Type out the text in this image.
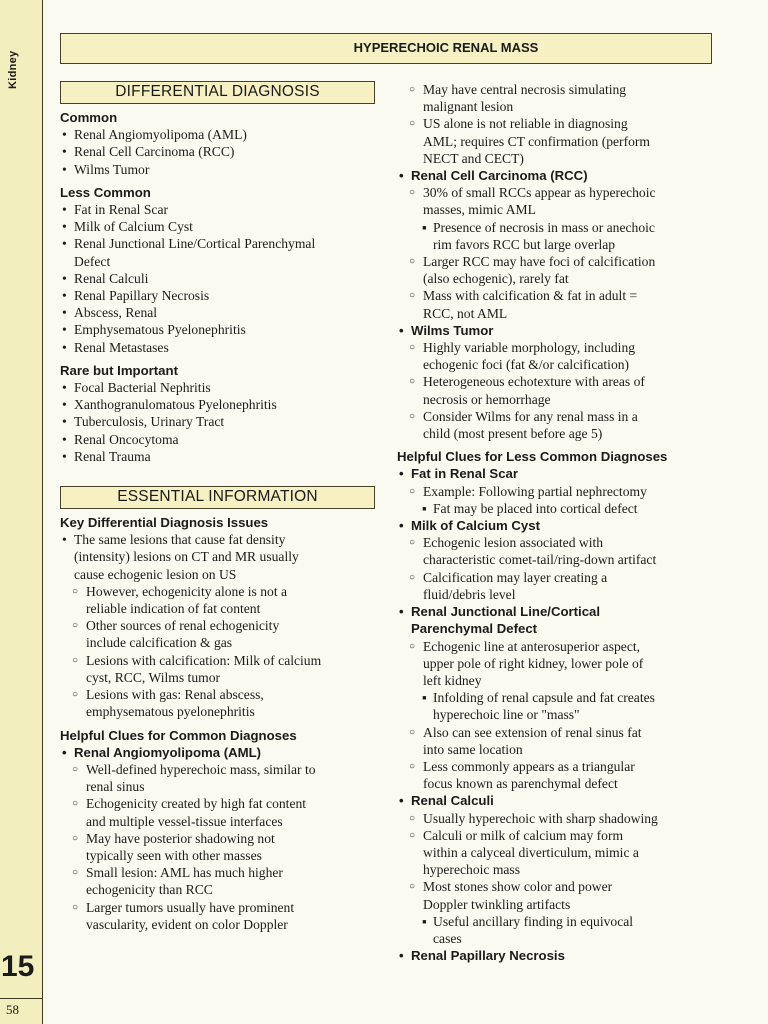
Kidney
15
58
HYPERECHOIC RENAL MASS
DIFFERENTIAL DIAGNOSIS
Common
• Renal Angiomyolipoma (AML)
• Renal Cell Carcinoma (RCC)
• Wilms Tumor
Less Common
• Fat in Renal Scar
• Milk of Calcium Cyst
• Renal Junctional Line/Cortical Parenchymal
Defect
• Renal Calculi
• Renal Papillary Necrosis
• Abscess, Renal
• Emphysematous Pyelonephritis
• Renal Metastases
Rare but Important
• Focal Bacterial Nephritis
• Xanthogranulomatous Pyelonephritis
• Tuberculosis, Urinary Tract
• Renal Oncocytoma
• Renal Trauma
ESSENTIAL INFORMATION
Key Differential Diagnosis Issues
• The same lesions that cause fat density
(intensity) lesions on CT and MR usually
cause echogenic lesion on US
○ However, echogenicity alone is not a
reliable indication of fat content
○ Other sources of renal echogenicity
include calcification & gas
○ Lesions with calcification: Milk of calcium
cyst, RCC, Wilms tumor
○ Lesions with gas: Renal abscess,
emphysematous pyelonephritis
Helpful Clues for Common Diagnoses
• Renal Angiomyolipoma (AML)
○ Well-defined hyperechoic mass, similar to
renal sinus
○ Echogenicity created by high fat content
and multiple vessel-tissue interfaces
○ May have posterior shadowing not
typically seen with other masses
○ Small lesion: AML has much higher
echogenicity than RCC
○ Larger tumors usually have prominent
vascularity, evident on color Doppler
○ May have central necrosis simulating
malignant lesion
○ US alone is not reliable in diagnosing
AML; requires CT confirmation (perform
NECT and CECT)
• Renal Cell Carcinoma (RCC)
○ 30% of small RCCs appear as hyperechoic
masses, mimic AML
▪ Presence of necrosis in mass or anechoic
rim favors RCC but large overlap
○ Larger RCC may have foci of calcification
(also echogenic), rarely fat
○ Mass with calcification & fat in adult =
RCC, not AML
• Wilms Tumor
○ Highly variable morphology, including
echogenic foci (fat &/or calcification)
○ Heterogeneous echotexture with areas of
necrosis or hemorrhage
○ Consider Wilms for any renal mass in a
child (most present before age 5)
Helpful Clues for Less Common Diagnoses
• Fat in Renal Scar
○ Example: Following partial nephrectomy
▪ Fat may be placed into cortical defect
• Milk of Calcium Cyst
○ Echogenic lesion associated with
characteristic comet-tail/ring-down artifact
○ Calcification may layer creating a
fluid/debris level
• Renal Junctional Line/Cortical
Parenchymal Defect
○ Echogenic line at anterosuperior aspect,
upper pole of right kidney, lower pole of
left kidney
▪ Infolding of renal capsule and fat creates
hyperechoic line or "mass"
○ Also can see extension of renal sinus fat
into same location
○ Less commonly appears as a triangular
focus known as parenchymal defect
• Renal Calculi
○ Usually hyperechoic with sharp shadowing
○ Calculi or milk of calcium may form
within a calyceal diverticulum, mimic a
hyperechoic mass
○ Most stones show color and power
Doppler twinkling artifacts
▪ Useful ancillary finding in equivocal
cases
• Renal Papillary Necrosis
